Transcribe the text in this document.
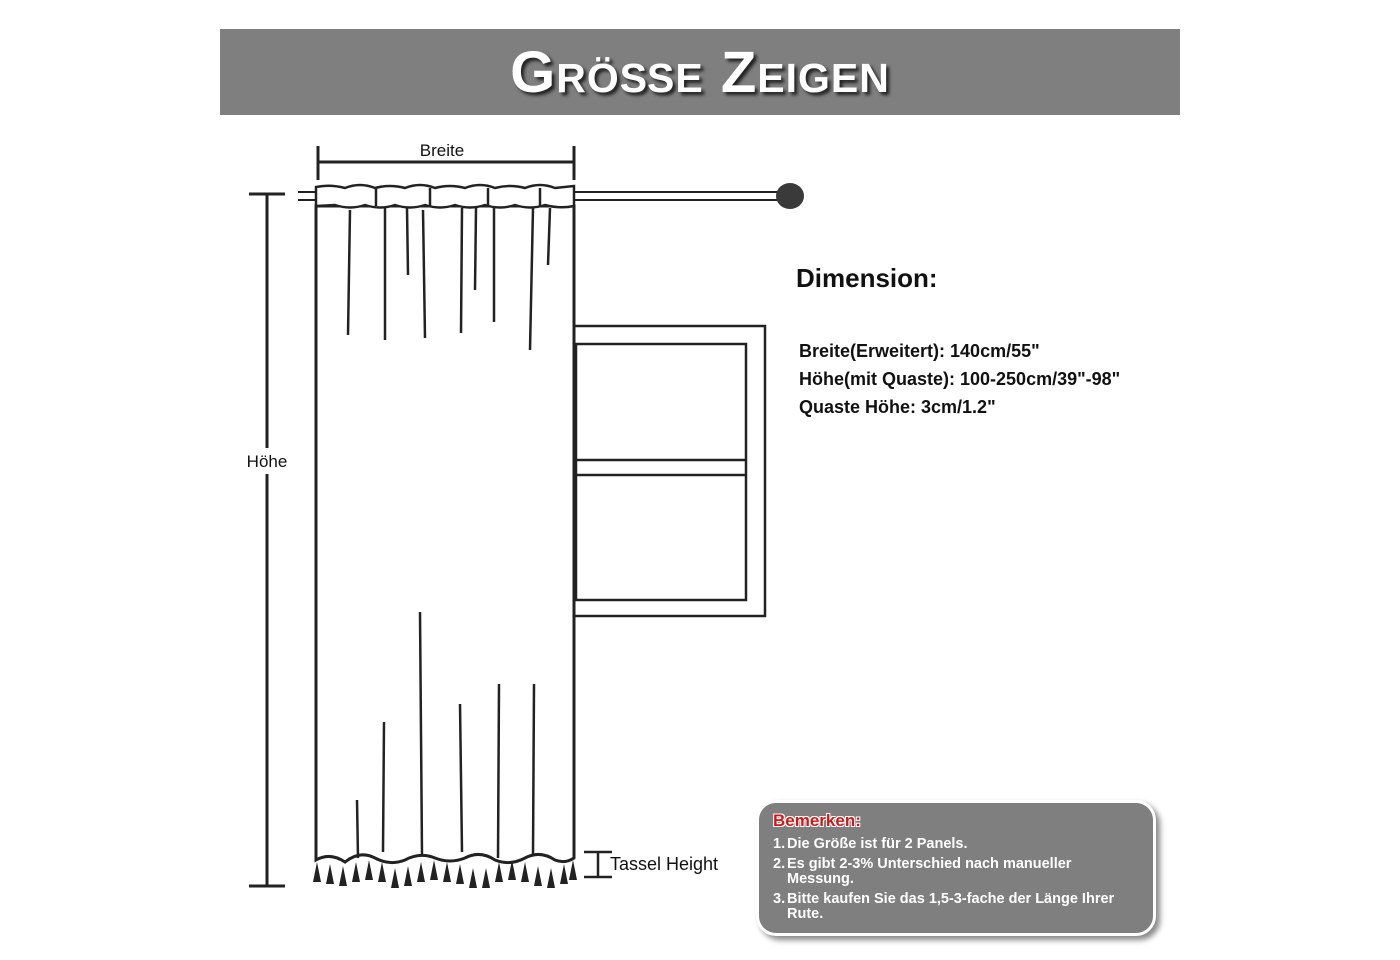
Größe Zeigen
Breite
Höhe
Tassel Height
Dimension:
Breite(Erweitert): 140cm/55"
Höhe(mit Quaste): 100-250cm/39"-98"
Quaste Höhe: 3cm/1.2"
Bemerken:
1. Die Größe ist für 2 Panels.
2. Es gibt 2-3% Unterschied nach manueller Messung.
3. Bitte kaufen Sie das 1,5-3-fache der Länge Ihrer Rute.
